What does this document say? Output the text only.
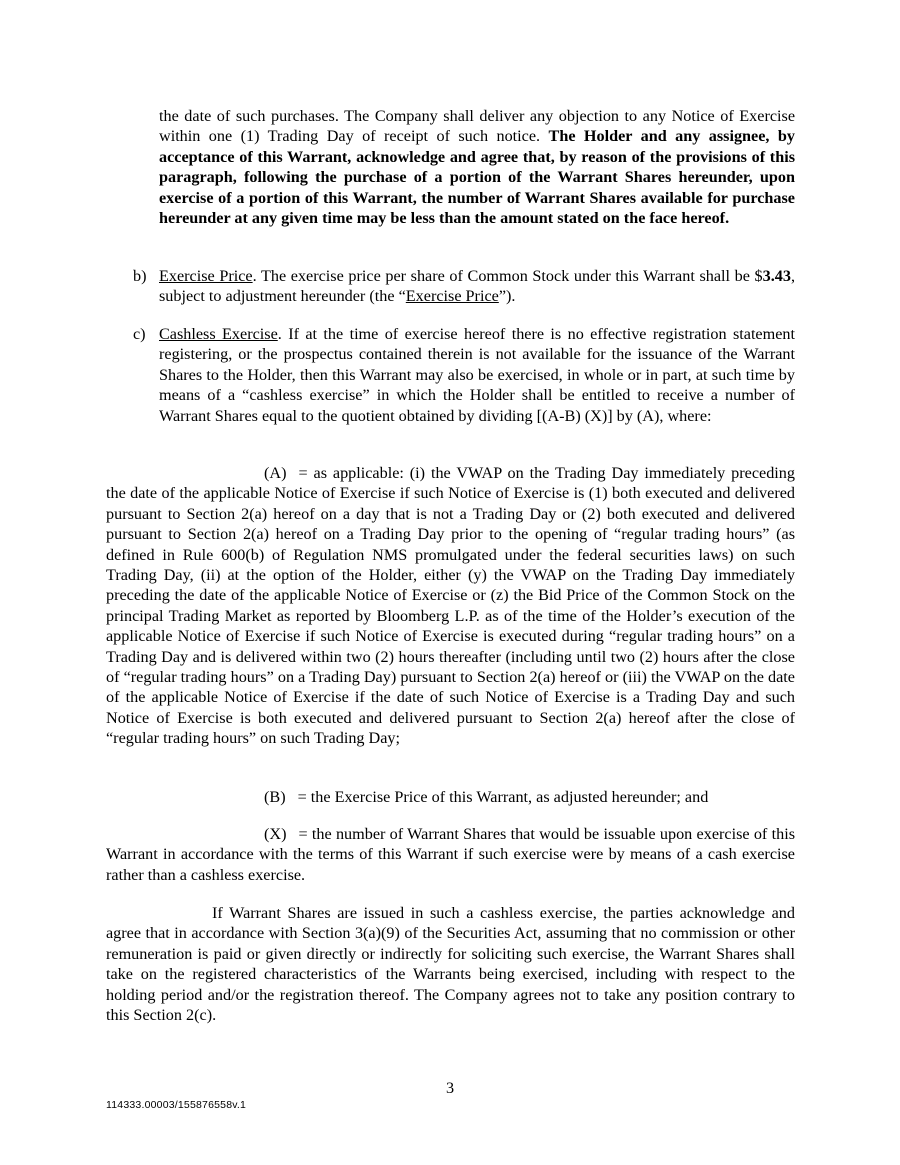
the date of such purchases. The Company shall deliver any objection to any Notice of Exercise within one (1) Trading Day of receipt of such notice. The Holder and any assignee, by acceptance of this Warrant, acknowledge and agree that, by reason of the provisions of this paragraph, following the purchase of a portion of the Warrant Shares hereunder, upon exercise of a portion of this Warrant, the number of Warrant Shares available for purchase hereunder at any given time may be less than the amount stated on the face hereof.
b) Exercise Price. The exercise price per share of Common Stock under this Warrant shall be $3.43, subject to adjustment hereunder (the “Exercise Price”).
c) Cashless Exercise. If at the time of exercise hereof there is no effective registration statement registering, or the prospectus contained therein is not available for the issuance of the Warrant Shares to the Holder, then this Warrant may also be exercised, in whole or in part, at such time by means of a “cashless exercise” in which the Holder shall be entitled to receive a number of Warrant Shares equal to the quotient obtained by dividing [(A-B) (X)] by (A), where:
(A) = as applicable: (i) the VWAP on the Trading Day immediately preceding the date of the applicable Notice of Exercise if such Notice of Exercise is (1) both executed and delivered pursuant to Section 2(a) hereof on a day that is not a Trading Day or (2) both executed and delivered pursuant to Section 2(a) hereof on a Trading Day prior to the opening of “regular trading hours” (as defined in Rule 600(b) of Regulation NMS promulgated under the federal securities laws) on such Trading Day, (ii) at the option of the Holder, either (y) the VWAP on the Trading Day immediately preceding the date of the applicable Notice of Exercise or (z) the Bid Price of the Common Stock on the principal Trading Market as reported by Bloomberg L.P. as of the time of the Holder’s execution of the applicable Notice of Exercise if such Notice of Exercise is executed during “regular trading hours” on a Trading Day and is delivered within two (2) hours thereafter (including until two (2) hours after the close of “regular trading hours” on a Trading Day) pursuant to Section 2(a) hereof or (iii) the VWAP on the date of the applicable Notice of Exercise if the date of such Notice of Exercise is a Trading Day and such Notice of Exercise is both executed and delivered pursuant to Section 2(a) hereof after the close of “regular trading hours” on such Trading Day;
(B) = the Exercise Price of this Warrant, as adjusted hereunder; and
(X) = the number of Warrant Shares that would be issuable upon exercise of this Warrant in accordance with the terms of this Warrant if such exercise were by means of a cash exercise rather than a cashless exercise.
If Warrant Shares are issued in such a cashless exercise, the parties acknowledge and agree that in accordance with Section 3(a)(9) of the Securities Act, assuming that no commission or other remuneration is paid or given directly or indirectly for soliciting such exercise, the Warrant Shares shall take on the registered characteristics of the Warrants being exercised, including with respect to the holding period and/or the registration thereof. The Company agrees not to take any position contrary to this Section 2(c).
3
114333.00003/155876558v.1
